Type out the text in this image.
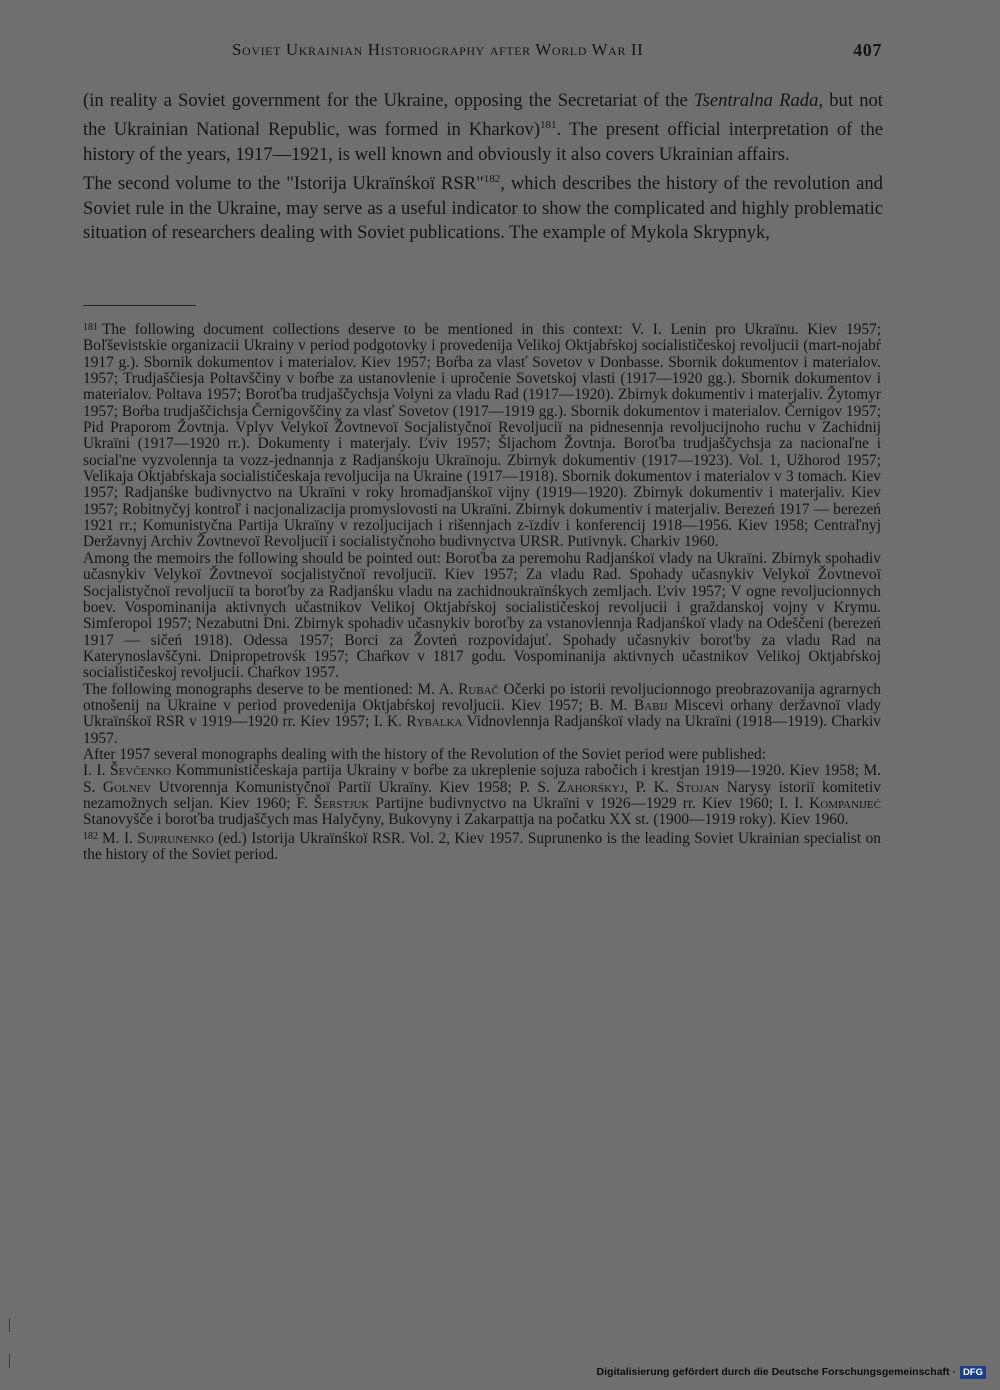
Soviet Ukrainian Historiography after World War II	407

(in reality a Soviet government for the Ukraine, opposing the Secretariat of the Tsentralna Rada, but not the Ukrainian National Republic, was formed in Kharkov)$^{181}$. The present official interpretation of the history of the years, 1917—1921, is well known and obviously it also covers Ukrainian affairs.

The second volume to the "Istorija Ukraïnśkoï RSR"$^{182}$, which describes the history of the revolution and Soviet rule in the Ukraine, may serve as a useful indicator to show the complicated and highly problematic situation of researchers dealing with Soviet publications. The example of Mykola Skrypnyk,

$^{181}$ The following document collections deserve to be mentioned in this context: V. I. Lenin pro Ukraïnu. Kiev 1957; Boľševistskie organizacii Ukrainy v period podgotovky i provedenija Velikoj Oktjabŕskoj socialističeskoj revoljucii (mart-nojabŕ 1917 g.). Sbornik dokumentov i materialov. Kiev 1957; Boŕba za vlasť Sovetov v Donbasse. Sbornik dokumentov i materialov. 1957; Trudjaščiesja Poltavščiny v boŕbe za ustanovlenie i upročenie Sovetskoj vlasti (1917—1920 gg.). Sbornik dokumentov i materialov. Poltava 1957; Boroťba trudjaščychsja Volyni za vladu Rad (1917—1920). Zbirnyk dokumentiv i materjaliv. Žytomyr 1957; Boŕba trudjaščichsja Černigovščiny za vlasť Sovetov (1917—1919 gg.). Sbornik dokumentov i materialov. Černigov 1957; Pid Praporom Žovtnja. Vplyv Velykoï Žovtnevoï Socjalistyčnoï Revoljuciï na pidnesennja revoljucijnoho ruchu v Zachidnij Ukraïni (1917—1920 rr.). Dokumenty i materjaly. Ľviv 1957; Šljachom Žovtnja. Boroťba trudjaščychsja za nacionaľne i social'ne vyzvolennja ta vozz-jednannja z Radjanśkoju Ukraïnoju. Zbirnyk dokumentiv (1917—1923). Vol. 1, Užhorod 1957; Velikaja Oktjabŕskaja socialističeskaja revoljucija na Ukraine (1917—1918). Sbornik dokumentov i materialov v 3 tomach. Kiev 1957; Radjanśke budivnyctvo na Ukraïni v roky hromadjanśkoï vijny (1919—1920). Zbirnyk dokumentiv i materjaliv. Kiev 1957; Robitnyčyj kontroľ i nacjonalizacija promyslovosti na Ukraïni. Zbirnyk dokumentiv i materjaliv. Berezeń 1917 — berezeń 1921 rr.; Komunistyčna Partija Ukraïny v rezoljucijach i rišennjach z-ïzdiv i konferencij 1918—1956. Kiev 1958; Centraľnyj Deržavnyj Archiv Žovtnevoï Revoljuciï i socialistyčnoho budivnyctva URSR. Putivnyk. Charkiv 1960.

Among the memoirs the following should be pointed out: Boroťba za peremohu Radjanśkoï vlady na Ukraïni. Zbirnyk spohadiv učasnykiv Velykoï Žovtnevoï socjalistyčnoï revoljuciï. Kiev 1957; Za vladu Rad. Spohady učasnykiv Velykoï Žovtnevoï Socjalistyčnoï revoljuciï ta boroťby za Radjanśku vladu na zachidnoukraïnśkych zemljach. Ľviv 1957; V ogne revoljucionnych boev. Vospominanija aktivnych učastnikov Velikoj Oktjabŕskoj socialističeskoj revoljucii i graždanskoj vojny v Krymu. Simferopol 1957; Nezabutni Dni. Zbirnyk spohadiv učasnykiv boroťby za vstanovlennja Radjanśkoï vlady na Odeščeni (berezeń 1917 — sičeń 1918). Odessa 1957; Borci za Žovteń rozpovidajuť. Spohady učasnykiv borot'by za vladu Rad na Katerynoslavščyni. Dnipropetrovśk 1957; Chaŕkov v 1817 godu. Vospominanija aktivnych učastnikov Velikoj Oktjabŕskoj socialističeskoj revoljucii. Chaŕkov 1957.

The following monographs deserve to be mentioned: M. A. Rubač Očerki po istorii revoljucionnogo preobrazovanija agrarnych otnošenij na Ukraine v period provedenija Oktjabŕskoj revoljucii. Kiev 1957; B. M. Babij Miscevi orhany deržavnoï vlady Ukraïnśkoï RSR v 1919—1920 rr. Kiev 1957; I. K. Rybalka Vidnovlennja Radjanśkoï vlady na Ukraïni (1918—1919). Charkiv 1957.

After 1957 several monographs dealing with the history of the Revolution of the Soviet period were published:

I. I. Ševčenko Kommunističeskaja partija Ukrainy v boŕbe za ukreplenie sojuza rabočich i krestjan 1919—1920. Kiev 1958; M. S. Golnev Utvorennja Komunistyčnoï Partiï Ukraïny. Kiev 1958; P. S. Zahorśkyj, P. K. Stojan Narysy istoriï komitetiv nezamožnych seljan. Kiev 1960; F. Šerstjuk Partijne budivnyctvo na Ukraïni v 1926—1929 rr. Kiev 1960; I. I. Kompanijeć Stanovyšče i boroťba trudjaščych mas Halyčyny, Bukovyny i Zakarpattja na počatku XX st. (1900—1919 roky). Kiev 1960.

$^{182}$ M. I. Suprunenko (ed.) Istorija Ukraïnśkoï RSR. Vol. 2, Kiev 1957. Suprunenko is the leading Soviet Ukrainian specialist on the history of the Soviet period.

Digitalisierung gefördert durch die Deutsche Forschungsgemeinschaft · DFG
